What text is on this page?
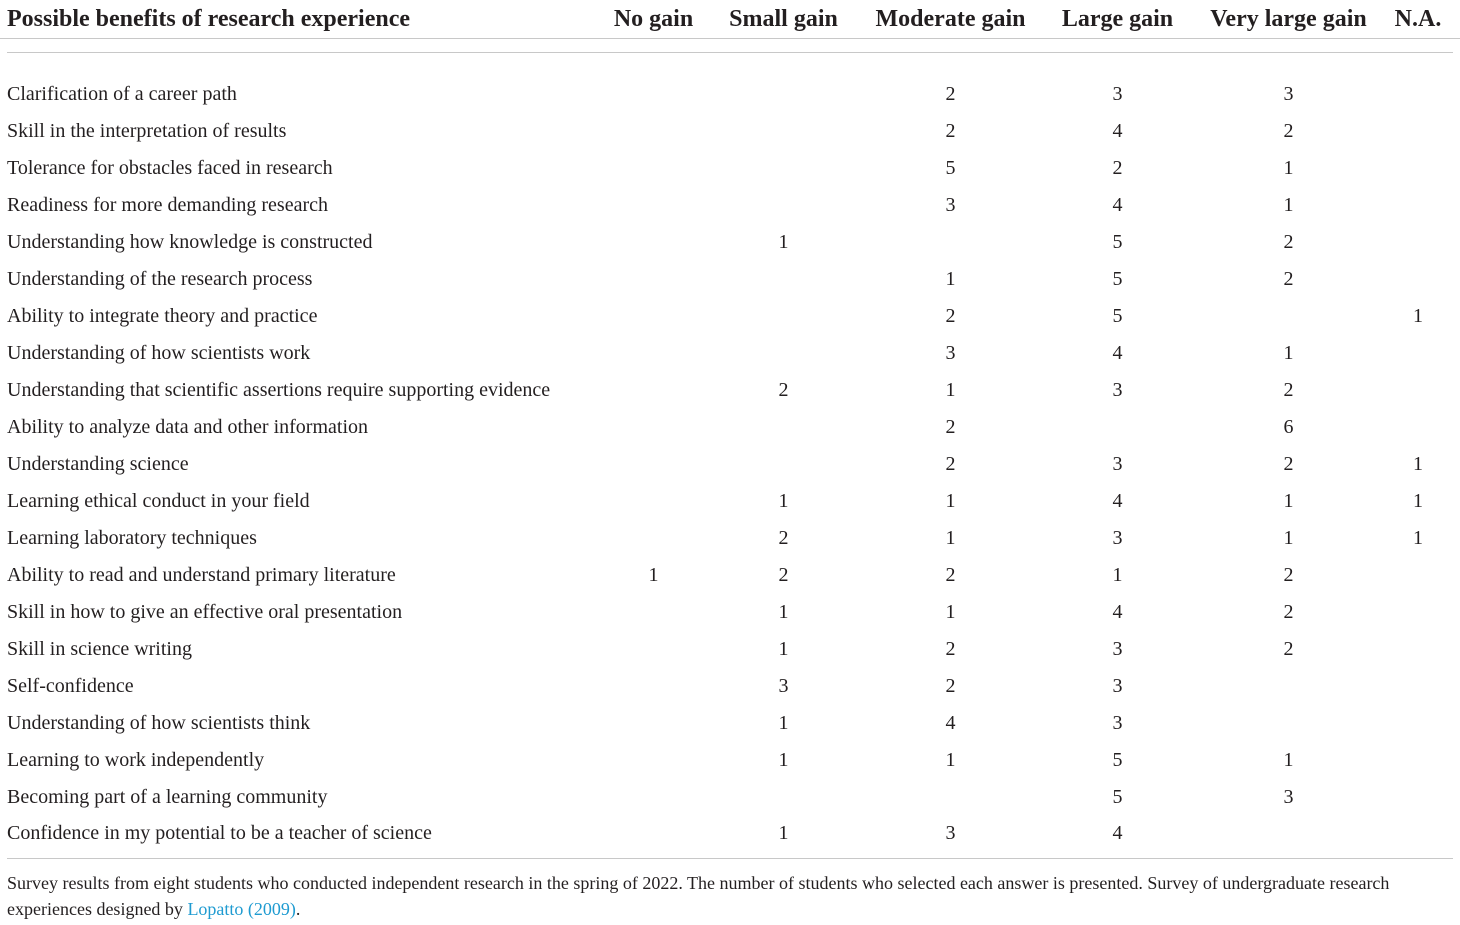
Possible benefits of research experience	No gain	Small gain	Moderate gain	Large gain	Very large gain	N.A.

Clarification of a career path			2	3	3	
Skill in the interpretation of results			2	4	2	
Tolerance for obstacles faced in research			5	2	1	
Readiness for more demanding research			3	4	1	
Understanding how knowledge is constructed		1		5	2	
Understanding of the research process			1	5	2	
Ability to integrate theory and practice			2	5		1
Understanding of how scientists work			3	4	1	
Understanding that scientific assertions require supporting evidence		2	1	3	2	
Ability to analyze data and other information			2		6	
Understanding science			2	3	2	1
Learning ethical conduct in your field		1	1	4	1	1
Learning laboratory techniques		2	1	3	1	1
Ability to read and understand primary literature	1	2	2	1	2	
Skill in how to give an effective oral presentation		1	1	4	2	
Skill in science writing		1	2	3	2	
Self-confidence		3	2	3		
Understanding of how scientists think		1	4	3		
Learning to work independently		1	1	5	1	
Becoming part of a learning community				5	3	
Confidence in my potential to be a teacher of science		1	3	4		
Survey results from eight students who conducted independent research in the spring of 2022. The number of students who selected each answer is presented. Survey of undergraduate research experiences designed by Lopatto (2009).
